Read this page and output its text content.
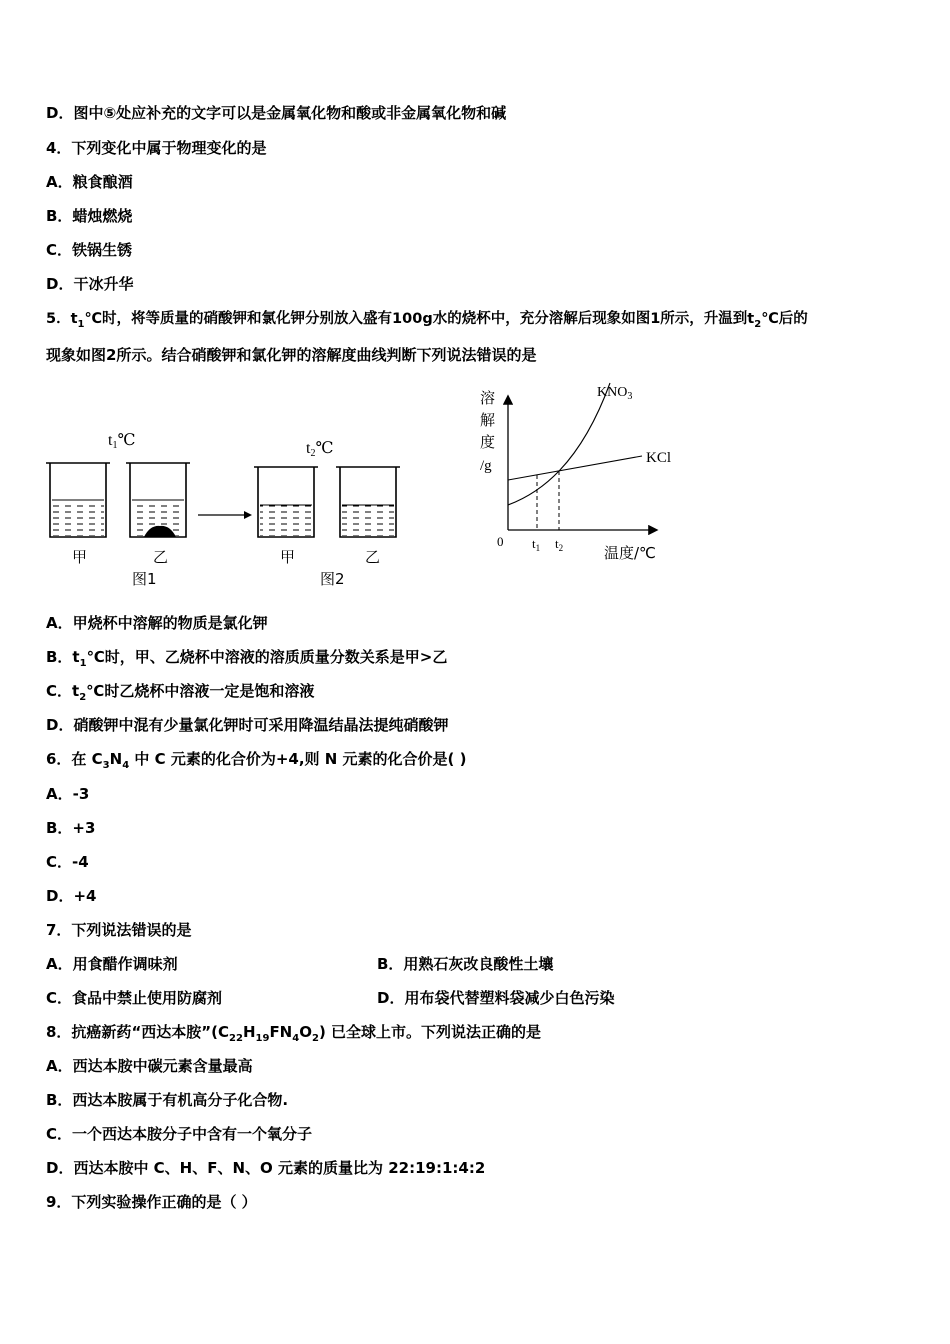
D．图中⑤处应补充的文字可以是金属氧化物和酸或非金属氧化物和碱
4．下列变化中属于物理变化的是
A．粮食酿酒
B．蜡烛燃烧
C．铁锅生锈
D．干冰升华
5．$t_1℃$时，将等质量的硝酸钾和氯化钾分别放入盛有100g水的烧杯中，充分溶解后现象如图1所示，升温到$t_2℃$后的
现象如图2所示。结合硝酸钾和氯化钾的溶解度曲线判断下列说法错误的是
t1℃	t2℃
甲	乙	甲	乙
图1	图2
溶
解
度
/g
0 $t_1$ $t_2$	温度/℃
$KNO_3$
KCl
A．甲烧杯中溶解的物质是氯化钾
B．$t_1℃$时，甲、乙烧杯中溶液的溶质质量分数关系是甲>乙
C．$t_2℃$时乙烧杯中溶液一定是饱和溶液
D．硝酸钾中混有少量氯化钾时可采用降温结晶法提纯硝酸钾
6．在 $C_3N_4$ 中 C 元素的化合价为+4,则 N 元素的化合价是( )
A．-3
B．+3
C．-4
D．+4
7．下列说法错误的是
A．用食醋作调味剂	B．用熟石灰改良酸性土壤
C．食品中禁止使用防腐剂	D．用布袋代替塑料袋减少白色污染
8．抗癌新药“西达本胺$”(C_{22}H_{19}FN_4O_2)$ 已全球上市。下列说法正确的是
A．西达本胺中碳元素含量最高
B．西达本胺属于有机高分子化合物.
C．一个西达本胺分子中含有一个氧分子
D．西达本胺中 C、H、F、N、O 元素的质量比为 22:19:1:4:2
9．下列实验操作正确的是（ ）
